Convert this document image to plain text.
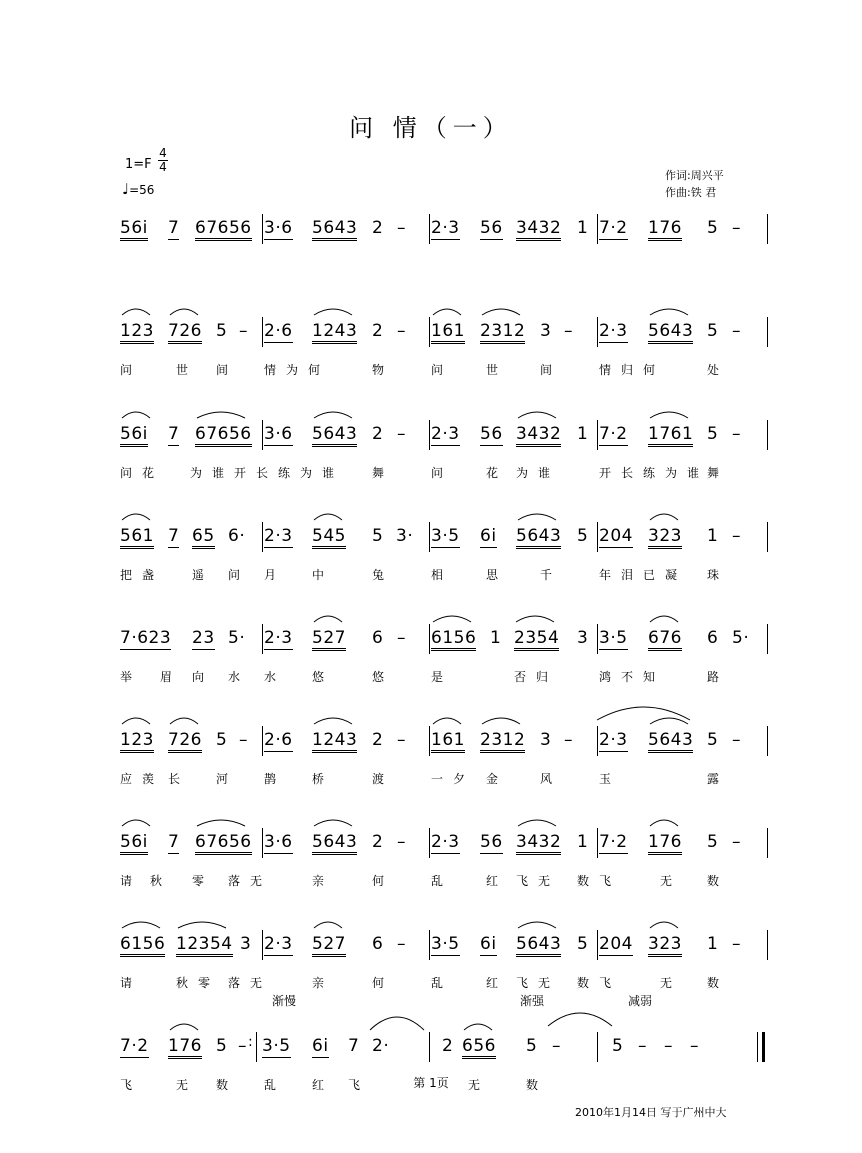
问 情（一）
1=F
4
4
♩=56
作词:周兴平
作曲:铁 君
56i 7 67656 3·6 5643 2 – 2·3 56 3432 1 7·2 176 5 –
123 726 5 – 2·6 1243 2 – 161 2312 3 – 2·3 5643 5 –
问	世 间	情为何	物	问	世	间	情归何	处
56i 7 67656 3·6 5643 2 – 2·3 56 3432 1 7·2 1761 5 –
问花 为谁开长练为谁 舞	问	花 为谁	开长练为谁
舞
561 7 65 6· 2·3 545 5 3· 3·5 6i 5643 5 204 323 1 –
把盏 遥 问 月	中	兔	相	思	千	年泪已凝 珠
7·623 23 5· 2·3 527 6 – 6156 1 2354 3 3·5 676 6 5·
举 眉 向 水 水	悠	悠	是	否归	鸿不知	路
123 726 5 – 2·6 1243 2 – 161 2312 3 – 2·3 5643 5 –
应羡 长	河	鹊	桥	渡	一夕 金	风	玉	露
56i 7 67656 3·6 5643 2 – 2·3 56 3432 1 7·2 176 5 –
请 秋 零 落无	亲	何	乱	红 飞无 数飞	无	数
6156 12354 3 2·3 527 6 – 3·5 6i 5643 5 204 323 1 –
请	秋零 落无	亲	何	乱	红 飞无 数飞	无	数
7·2 176 5 – : 3·5 6i 7 2·	2 656 5 –	5 – – –
飞	无 数	乱	红 飞	无	数
渐慢	渐强	减弱
第 1页
2010年1月14日 写于广州中大
